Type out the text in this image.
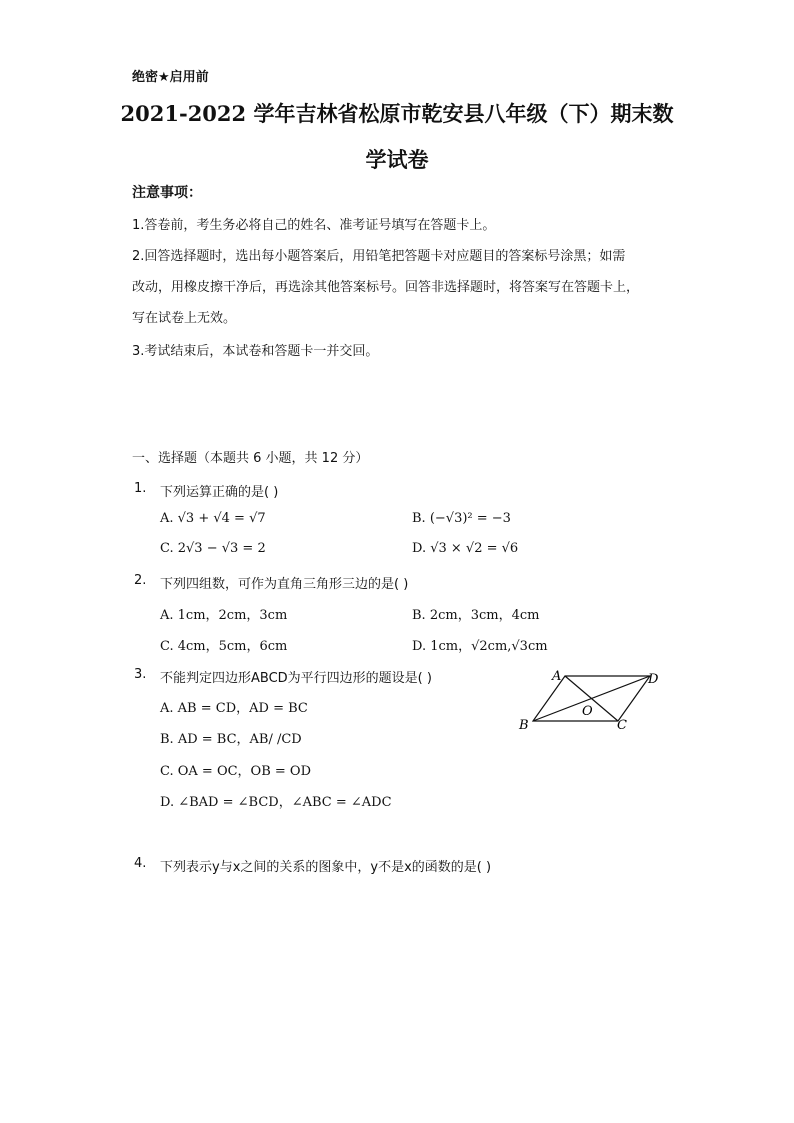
绝密★启用前
2021-2022 学年吉林省松原市乾安县八年级（下）期末数
学试卷
注意事项：
1.答卷前，考生务必将自己的姓名、准考证号填写在答题卡上。
2.回答选择题时，选出每小题答案后，用铅笔把答题卡对应题目的答案标号涂黑；如需
改动，用橡皮擦干净后，再选涂其他答案标号。回答非选择题时，将答案写在答题卡上，
写在试卷上无效。
3.考试结束后，本试卷和答题卡一并交回。
一、选择题（本题共 6 小题，共 12 分）
1. 下列运算正确的是( )
A. √3 + √4 = √7	B. (−√3)² = −3
C. 2√3 − √3 = 2	D. √3 × √2 = √6
2. 下列四组数，可作为直角三角形三边的是( )
A. 1cm，2cm，3cm	B. 2cm，3cm，4cm
C. 4cm，5cm，6cm	D. 1cm，√2cm,√3cm
3. 不能判定四边形ABCD为平行四边形的题设是( )
A. AB = CD，AD = BC
B. AD = BC，AB/ /CD
C. OA = OC，OB = OD
D. ∠BAD = ∠BCD，∠ABC = ∠ADC
A
B	C
D
O
4. 下列表示y与x之间的关系的图象中，y不是x的函数的是( )
